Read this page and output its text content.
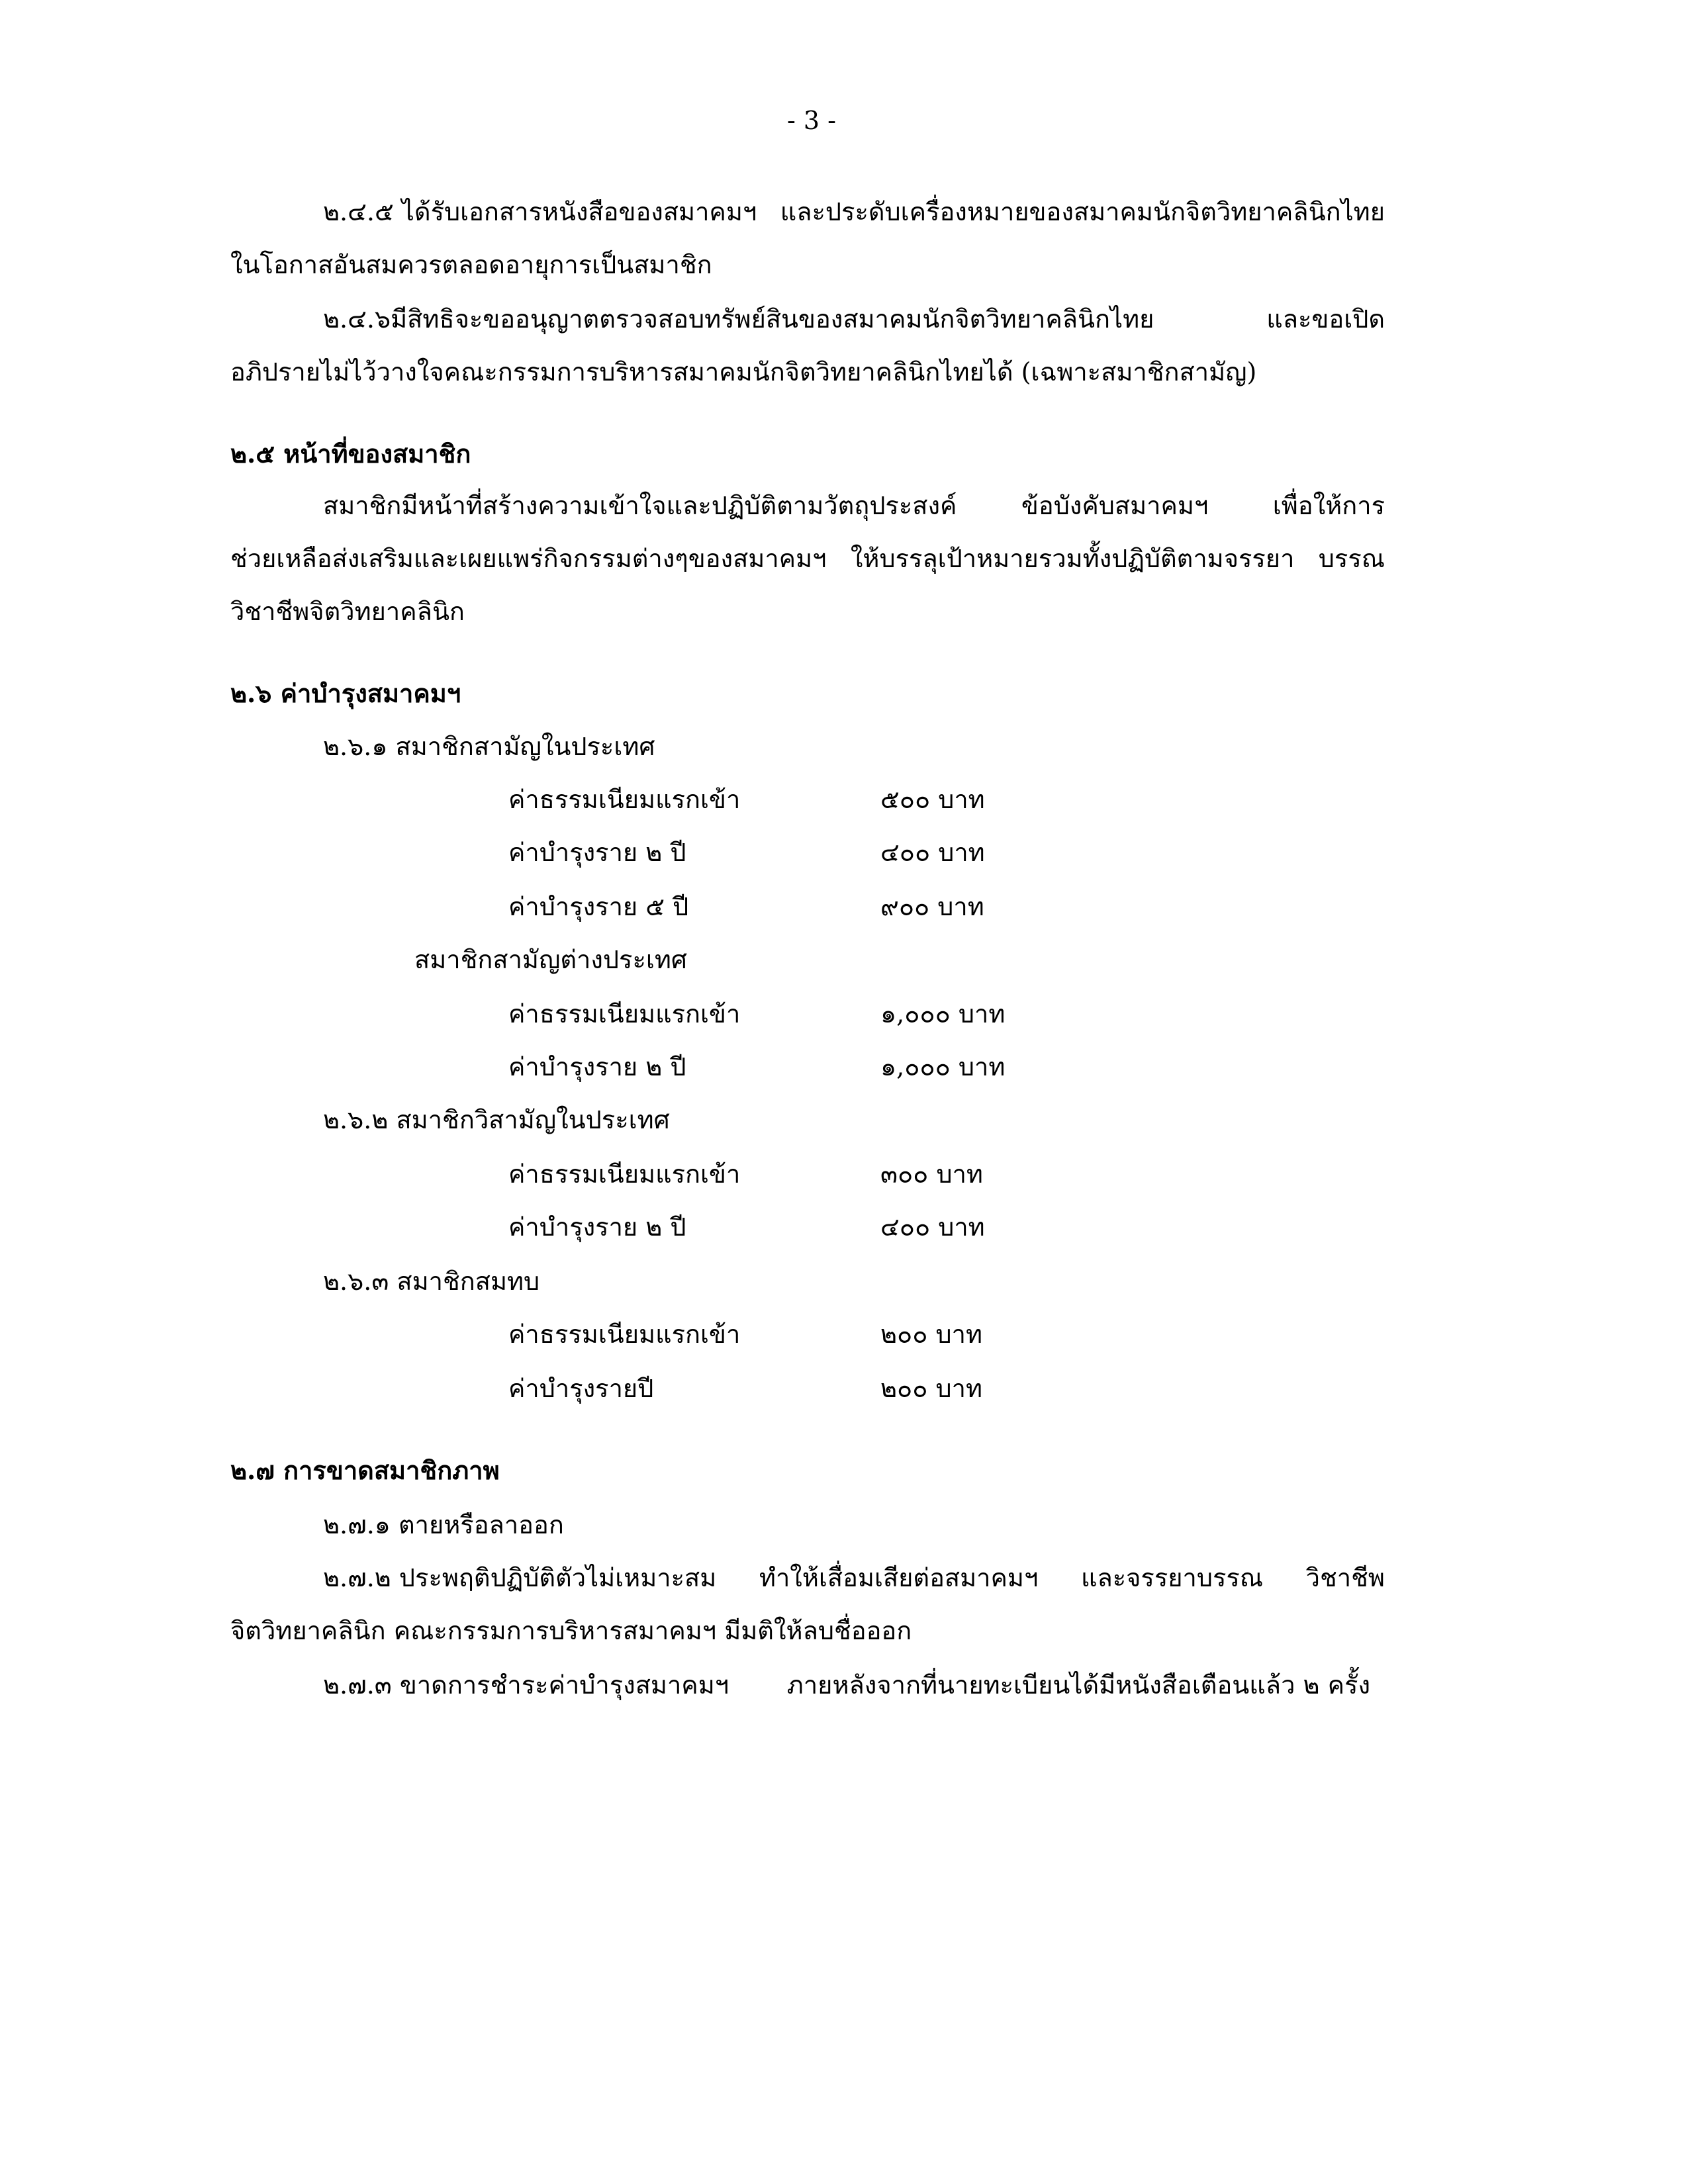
- 3 -
๒.๔.๕ ได้รับเอกสารหนังสือของสมาคมฯ และประดับเครื่องหมายของสมาคมนักจิตวิทยาคลินิกไทย
ในโอกาสอันสมควรตลอดอายุการเป็นสมาชิก
๒.๔.๖มีสิทธิจะขออนุญาตตรวจสอบทรัพย์สินของสมาคมนักจิตวิทยาคลินิกไทย	และขอเปิด
อภิปรายไม่ไว้วางใจคณะกรรมการบริหารสมาคมนักจิตวิทยาคลินิกไทยได้ (เฉพาะสมาชิกสามัญ)
๒.๕ หน้าที่ของสมาชิก
สมาชิกมีหน้าที่สร้างความเข้าใจและปฏิบัติตามวัตถุประสงค์	ข้อบังคับสมาคมฯ	เพื่อให้การ
ช่วยเหลือส่งเสริมและเผยแพร่กิจกรรมต่างๆของสมาคมฯ ให้บรรลุเป้าหมายรวมทั้งปฏิบัติตามจรรยา บรรณ
วิชาชีพจิตวิทยาคลินิก
๒.๖ ค่าบำรุงสมาคมฯ
๒.๖.๑ สมาชิกสามัญในประเทศ
ค่าธรรมเนียมแรกเข้า	๕๐๐ บาท
ค่าบำรุงราย ๒ ปี	๔๐๐ บาท
ค่าบำรุงราย ๕ ปี	๙๐๐ บาท
สมาชิกสามัญต่างประเทศ
ค่าธรรมเนียมแรกเข้า	๑,๐๐๐ บาท
ค่าบำรุงราย ๒ ปี	๑,๐๐๐ บาท
๒.๖.๒ สมาชิกวิสามัญในประเทศ
ค่าธรรมเนียมแรกเข้า	๓๐๐ บาท
ค่าบำรุงราย ๒ ปี	๔๐๐ บาท
๒.๖.๓ สมาชิกสมทบ
ค่าธรรมเนียมแรกเข้า	๒๐๐ บาท
ค่าบำรุงรายปี	๒๐๐ บาท
๒.๗ การขาดสมาชิกภาพ
๒.๗.๑ ตายหรือลาออก
๒.๗.๒ ประพฤติปฏิบัติตัวไม่เหมาะสม ทำให้เสื่อมเสียต่อสมาคมฯ และจรรยาบรรณ วิชาชีพ
จิตวิทยาคลินิก คณะกรรมการบริหารสมาคมฯ มีมติให้ลบชื่อออก
๒.๗.๓ ขาดการชำระค่าบำรุงสมาคมฯ ภายหลังจากที่นายทะเบียนได้มีหนังสือเตือนแล้ว ๒ ครั้ง
